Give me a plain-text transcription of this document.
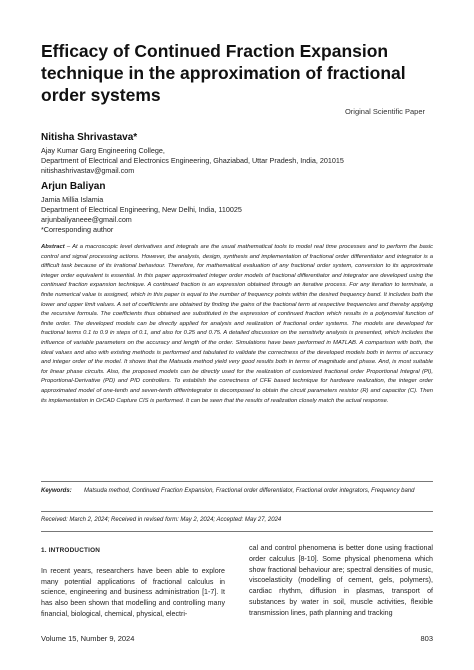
Efficacy of Continued Fraction Expansion technique in the approximation of fractional order systems
Original Scientific Paper
Nitisha Shrivastava*
Ajay Kumar Garg Engineering College,
Department of Electrical and Electronics Engineering, Ghaziabad, Uttar Pradesh, India, 201015
nitishashrivastav@gmail.com
Arjun Baliyan
Jamia Millia Islamia
Department of Electrical Engineering, New Delhi, India, 110025
arjunbaliyaneee@gmail.com
*Corresponding author
Abstract – At a macroscopic level derivatives and integrals are the usual mathematical tools to model real time processes and to perform the basic control and signal processing actions. However, the analysis, design, synthesis and implementation of fractional order differentiator and integrator is a difficult task because of its irrational behaviour. Therefore, for mathematical evaluation of any fractional order system, conversion to its approximate integer order equivalent is essential. In this paper approximated integer order models of fractional differentiator and integrator are developed using the continued fraction expansion technique. A continued fraction is an expression obtained through an iterative process. For any iteration to terminate, a finite numerical value is assigned, which in this paper is equal to the number of frequency points within the desired frequency band. It includes both the lower and upper limit values. A set of coefficients are obtained by finding the gains of the fractional term at respective frequencies and thereby applying the recursive formula. The coefficients thus obtained are substituted in the expression of continued fraction which results in a polynomial function of finite order. The developed models can be directly applied for analysis and realization of fractional order systems. The models are developed for fractional terms 0.1 to 0.9 in steps of 0.1, and also for 0.25 and 0.75. A detailed discussion on the sensitivity analysis is presented, which includes the influence of variable parameters on the accuracy and length of the order. Simulations have been performed in MATLAB. A comparison with both, the ideal values and also with existing methods is performed and tabulated to validate the correctness of the developed models both in terms of accuracy and integer order of the model. It shows that the Matsuda method yield very good results both in terms of magnitude and phase. And, is most suitable for linear phase circuits. Also, the proposed models can be directly used for the realization of customized fractional order Proportional Integral (PI), Proportional-Derivative (PD) and PID controllers. To establish the correctness of CFE based technique for hardware realization, the integer order approximated model of one-tenth and seven-tenth differintegrator is decomposed to obtain the circuit parameters resistor (R) and capacitor (C). Then its implementation in OrCAD Capture CIS is performed. It can be seen that the results of realization closely match the actual response.
Keywords:	Matsuda method, Continued Fraction Expansion, Fractional order differentiator, Fractional order integrators, Frequency band
Received: March 2, 2024; Received in revised form: May 2, 2024; Accepted: May 27, 2024
1. INTRODUCTION

In recent years, researchers have been able to explore many potential applications of fractional calculus in science, engineering and business administration [1-7]. It has also been shown that modelling and controlling many financial, biological, chemical, physical, electri-

cal and control phenomena is better done using fractional order calculus [8-10]. Some physical phenomena which show fractional behaviour are; spectral densities of music, viscoelasticity (modelling of cement, gels, polymers), cardiac rhythm, diffusion in plasmas, transport of substances by water in soil, muscle activities, flexible transmission lines, path planning and tracking

Volume 15, Number 9, 2024	803
